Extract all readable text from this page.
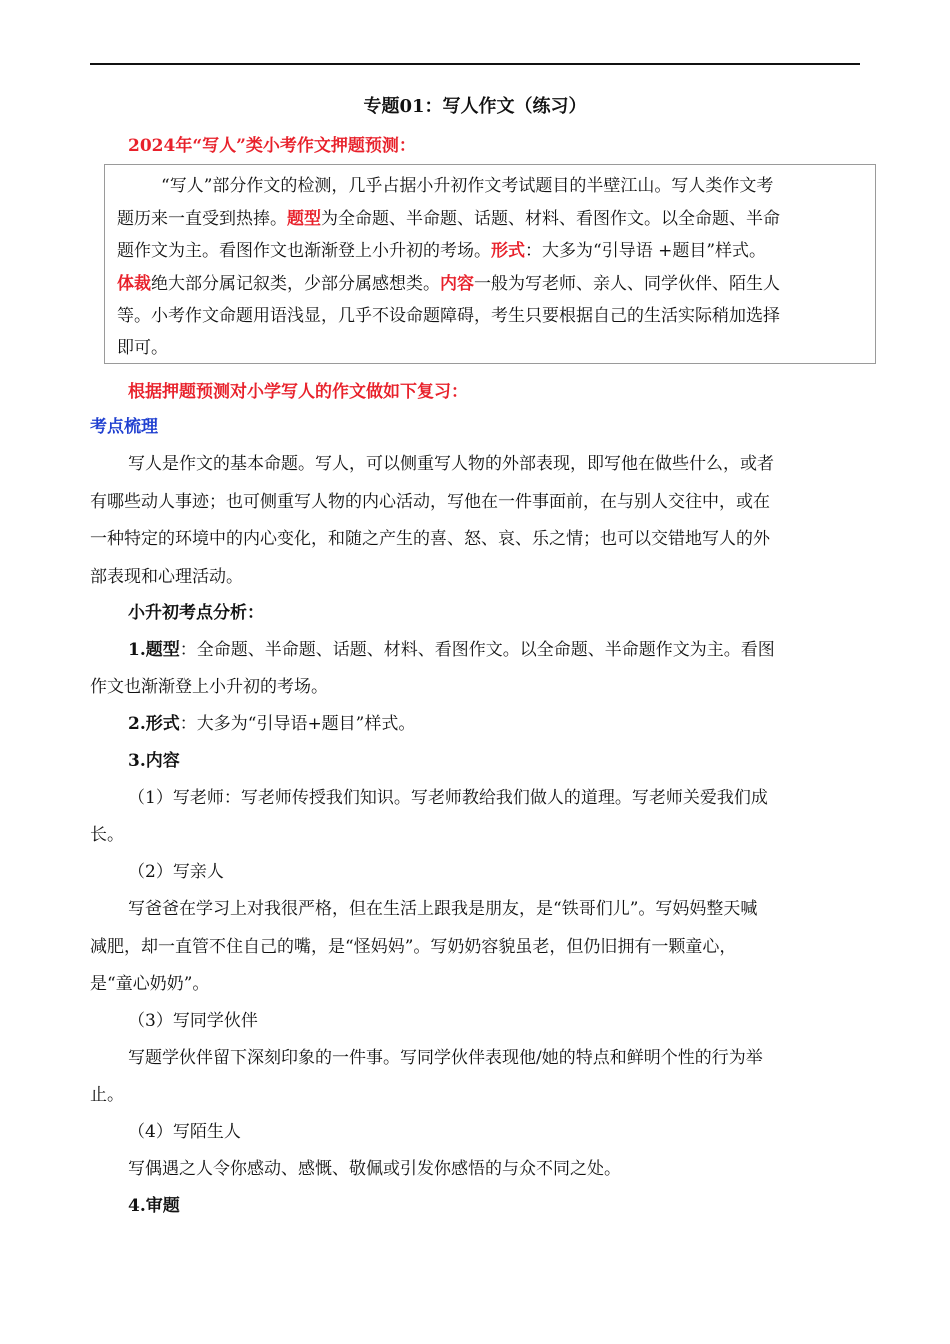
专题01：写人作文（练习）
2024年“写人”类小考作文押题预测：
“写人”部分作文的检测，几乎占据小升初作文考试题目的半壁江山。写人类作文考
题历来一直受到热捧。题型为全命题、半命题、话题、材料、看图作文。以全命题、半命
题作文为主。看图作文也渐渐登上小升初的考场。形式：大多为“引导语 +题目”样式。
体裁绝大部分属记叙类，少部分属感想类。内容一般为写老师、亲人、同学伙伴、陌生人
等。小考作文命题用语浅显，几乎不设命题障碍，考生只要根据自己的生活实际稍加选择
即可。
根据押题预测对小学写人的作文做如下复习：
考点梳理
写人是作文的基本命题。写人，可以侧重写人物的外部表现，即写他在做些什么，或者
有哪些动人事迹；也可侧重写人物的内心活动，写他在一件事面前，在与别人交往中，或在
一种特定的环境中的内心变化，和随之产生的喜、怒、哀、乐之情；也可以交错地写人的外
部表现和心理活动。
小升初考点分析：
1.题型：全命题、半命题、话题、材料、看图作文。以全命题、半命题作文为主。看图
作文也渐渐登上小升初的考场。
2.形式：大多为“引导语+题目”样式。
3.内容
（1）写老师：写老师传授我们知识。写老师教给我们做人的道理。写老师关爱我们成
长。
（2）写亲人
写爸爸在学习上对我很严格，但在生活上跟我是朋友，是“铁哥们儿”。写妈妈整天喊
减肥，却一直管不住自己的嘴，是“怪妈妈”。写奶奶容貌虽老，但仍旧拥有一颗童心，
是“童心奶奶”。
（3）写同学伙伴
写题学伙伴留下深刻印象的一件事。写同学伙伴表现他/她的特点和鲜明个性的行为举
止。
（4）写陌生人
写偶遇之人令你感动、感慨、敬佩或引发你感悟的与众不同之处。
4.审题
